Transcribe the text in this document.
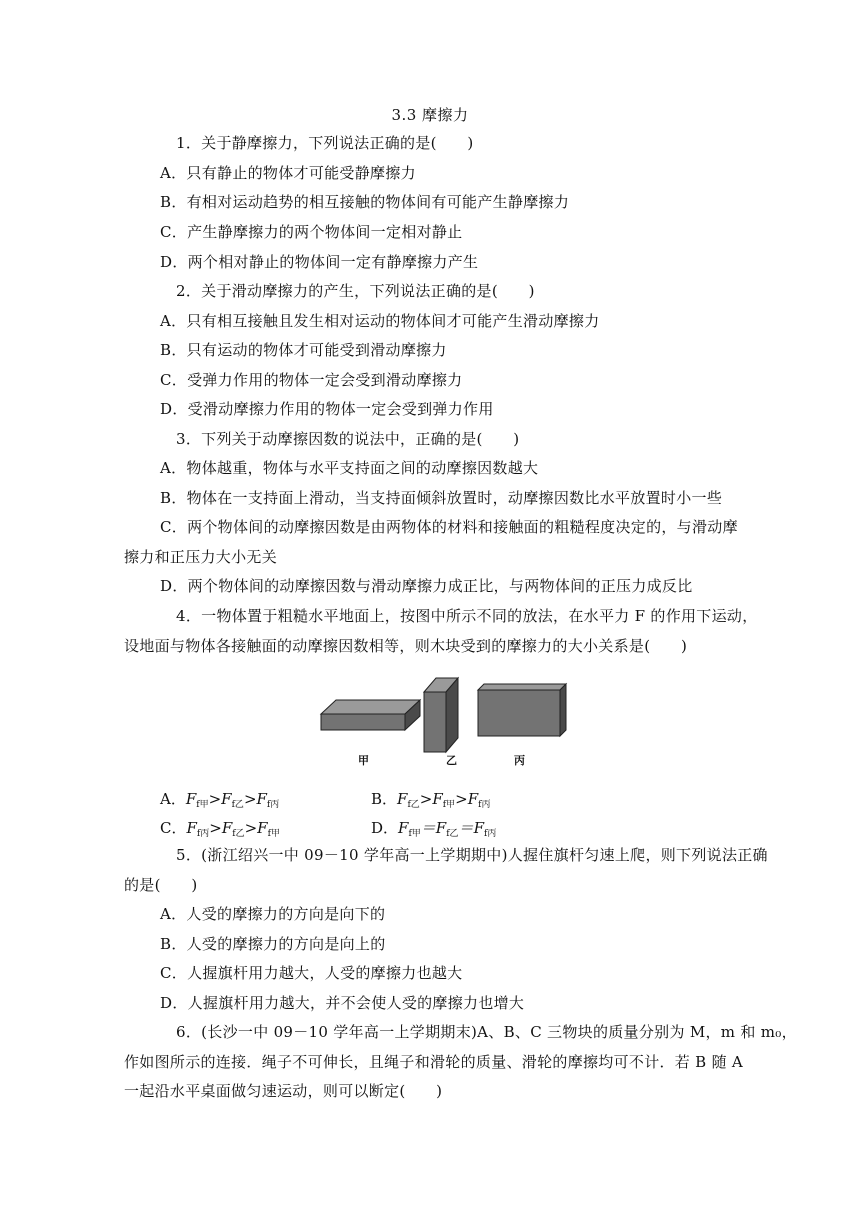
3.3 摩擦力
1．关于静摩擦力，下列说法正确的是(　　)
A．只有静止的物体才可能受静摩擦力
B．有相对运动趋势的相互接触的物体间有可能产生静摩擦力
C．产生静摩擦力的两个物体间一定相对静止
D．两个相对静止的物体间一定有静摩擦力产生
2．关于滑动摩擦力的产生，下列说法正确的是(　　)
A．只有相互接触且发生相对运动的物体间才可能产生滑动摩擦力
B．只有运动的物体才可能受到滑动摩擦力
C．受弹力作用的物体一定会受到滑动摩擦力
D．受滑动摩擦力作用的物体一定会受到弹力作用
3．下列关于动摩擦因数的说法中，正确的是(　　)
A．物体越重，物体与水平支持面之间的动摩擦因数越大
B．物体在一支持面上滑动，当支持面倾斜放置时，动摩擦因数比水平放置时小一些
C．两个物体间的动摩擦因数是由两物体的材料和接触面的粗糙程度决定的，与滑动摩
擦力和正压力大小无关
D．两个物体间的动摩擦因数与滑动摩擦力成正比，与两物体间的正压力成反比
4．一物体置于粗糙水平地面上，按图中所示不同的放法，在水平力 F 的作用下运动，
设地面与物体各接触面的动摩擦因数相等，则木块受到的摩擦力的大小关系是(　　)
甲	乙	丙
A．$F_{f甲}>F_{f乙}>F_{f丙}$	B．$F_{f乙}>F_{f甲}>F_{f丙}$
C．$F_{f丙}>F_{f乙}>F_{f甲}$	D．$F_{f甲}=F_{f乙}=F_{f丙}$
5．(浙江绍兴一中 09－10 学年高一上学期期中)人握住旗杆匀速上爬，则下列说法正确
的是(　　)
A．人受的摩擦力的方向是向下的
B．人受的摩擦力的方向是向上的
C．人握旗杆用力越大，人受的摩擦力也越大
D．人握旗杆用力越大，并不会使人受的摩擦力也增大
6．(长沙一中 09－10 学年高一上学期期末)A、B、C 三物块的质量分别为 M，m 和 m₀，
作如图所示的连接．绳子不可伸长，且绳子和滑轮的质量、滑轮的摩擦均可不计．若 B 随 A
一起沿水平桌面做匀速运动，则可以断定(　　)
